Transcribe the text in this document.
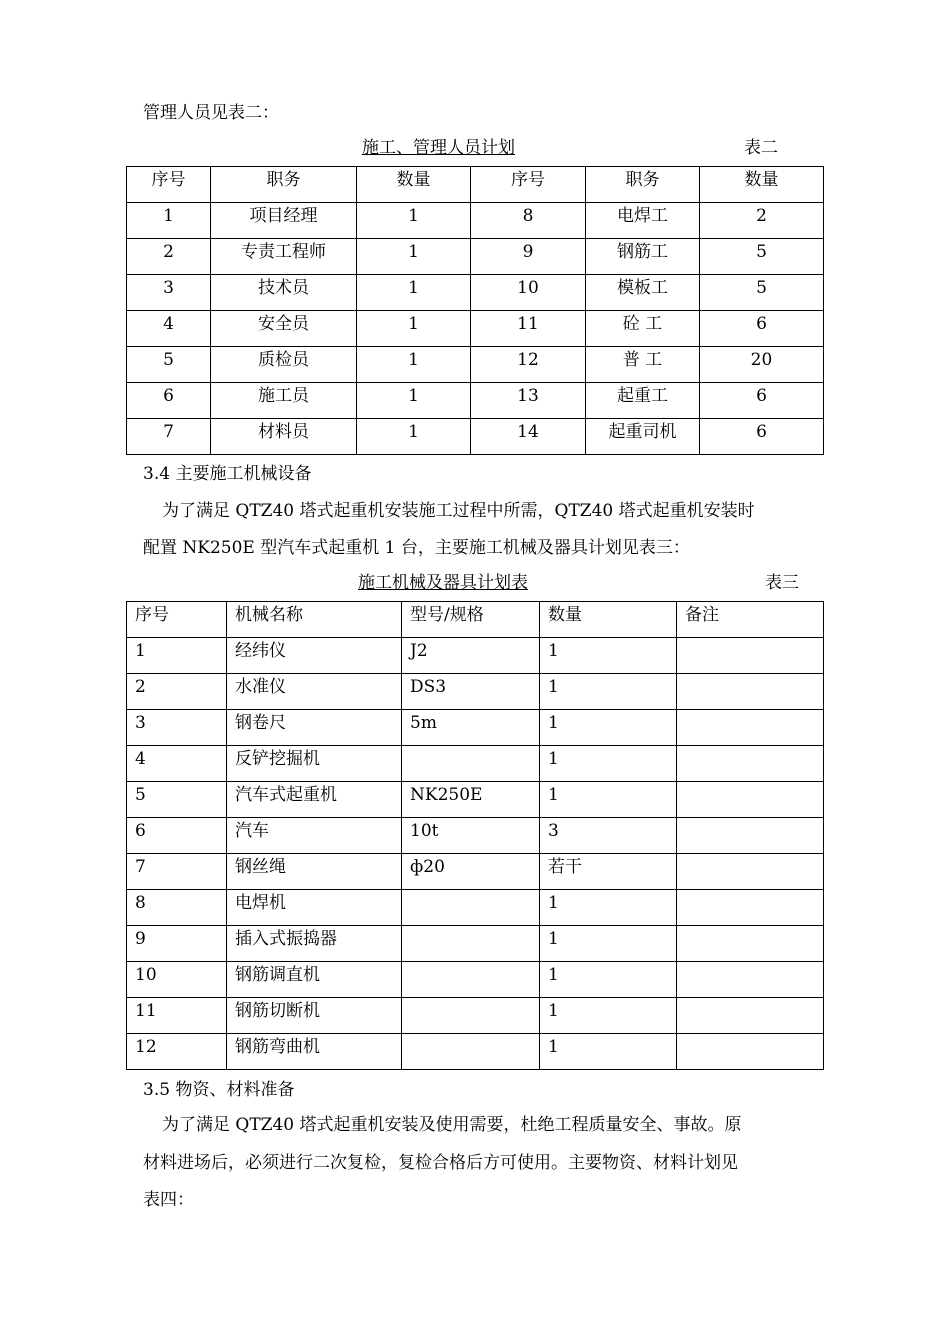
管理人员见表二：
施工、管理人员计划	表二
序号	职务	数量	序号	职务	数量
1	项目经理	1	8	电焊工	2
2	专责工程师	1	9	钢筋工	5
3	技术员	1	10	模板工	5
4	安全员	1	11	砼 工	6
5	质检员	1	12	普 工	20
6	施工员	1	13	起重工	6
7	材料员	1	14	起重司机	6
3.4 主要施工机械设备
为了满足 QTZ40 塔式起重机安装施工过程中所需，QTZ40 塔式起重机安装时
配置 NK250E 型汽车式起重机 1 台，主要施工机械及器具计划见表三：
施工机械及器具计划表	表三
序号	机械名称	型号/规格	数量	备注
1	经纬仪	J2	1	
2	水准仪	DS3	1	
3	钢卷尺	5m	1	
4	反铲挖掘机		1	
5	汽车式起重机	NK250E	1	
6	汽车	10t	3	
7	钢丝绳	ф20	若干	
8	电焊机		1	
9	插入式振捣器		1	
10	钢筋调直机		1	
11	钢筋切断机		1	
12	钢筋弯曲机		1	
3.5 物资、材料准备
为了满足 QTZ40 塔式起重机安装及使用需要，杜绝工程质量安全、事故。原
材料进场后，必须进行二次复检，复检合格后方可使用。主要物资、材料计划见
表四：
